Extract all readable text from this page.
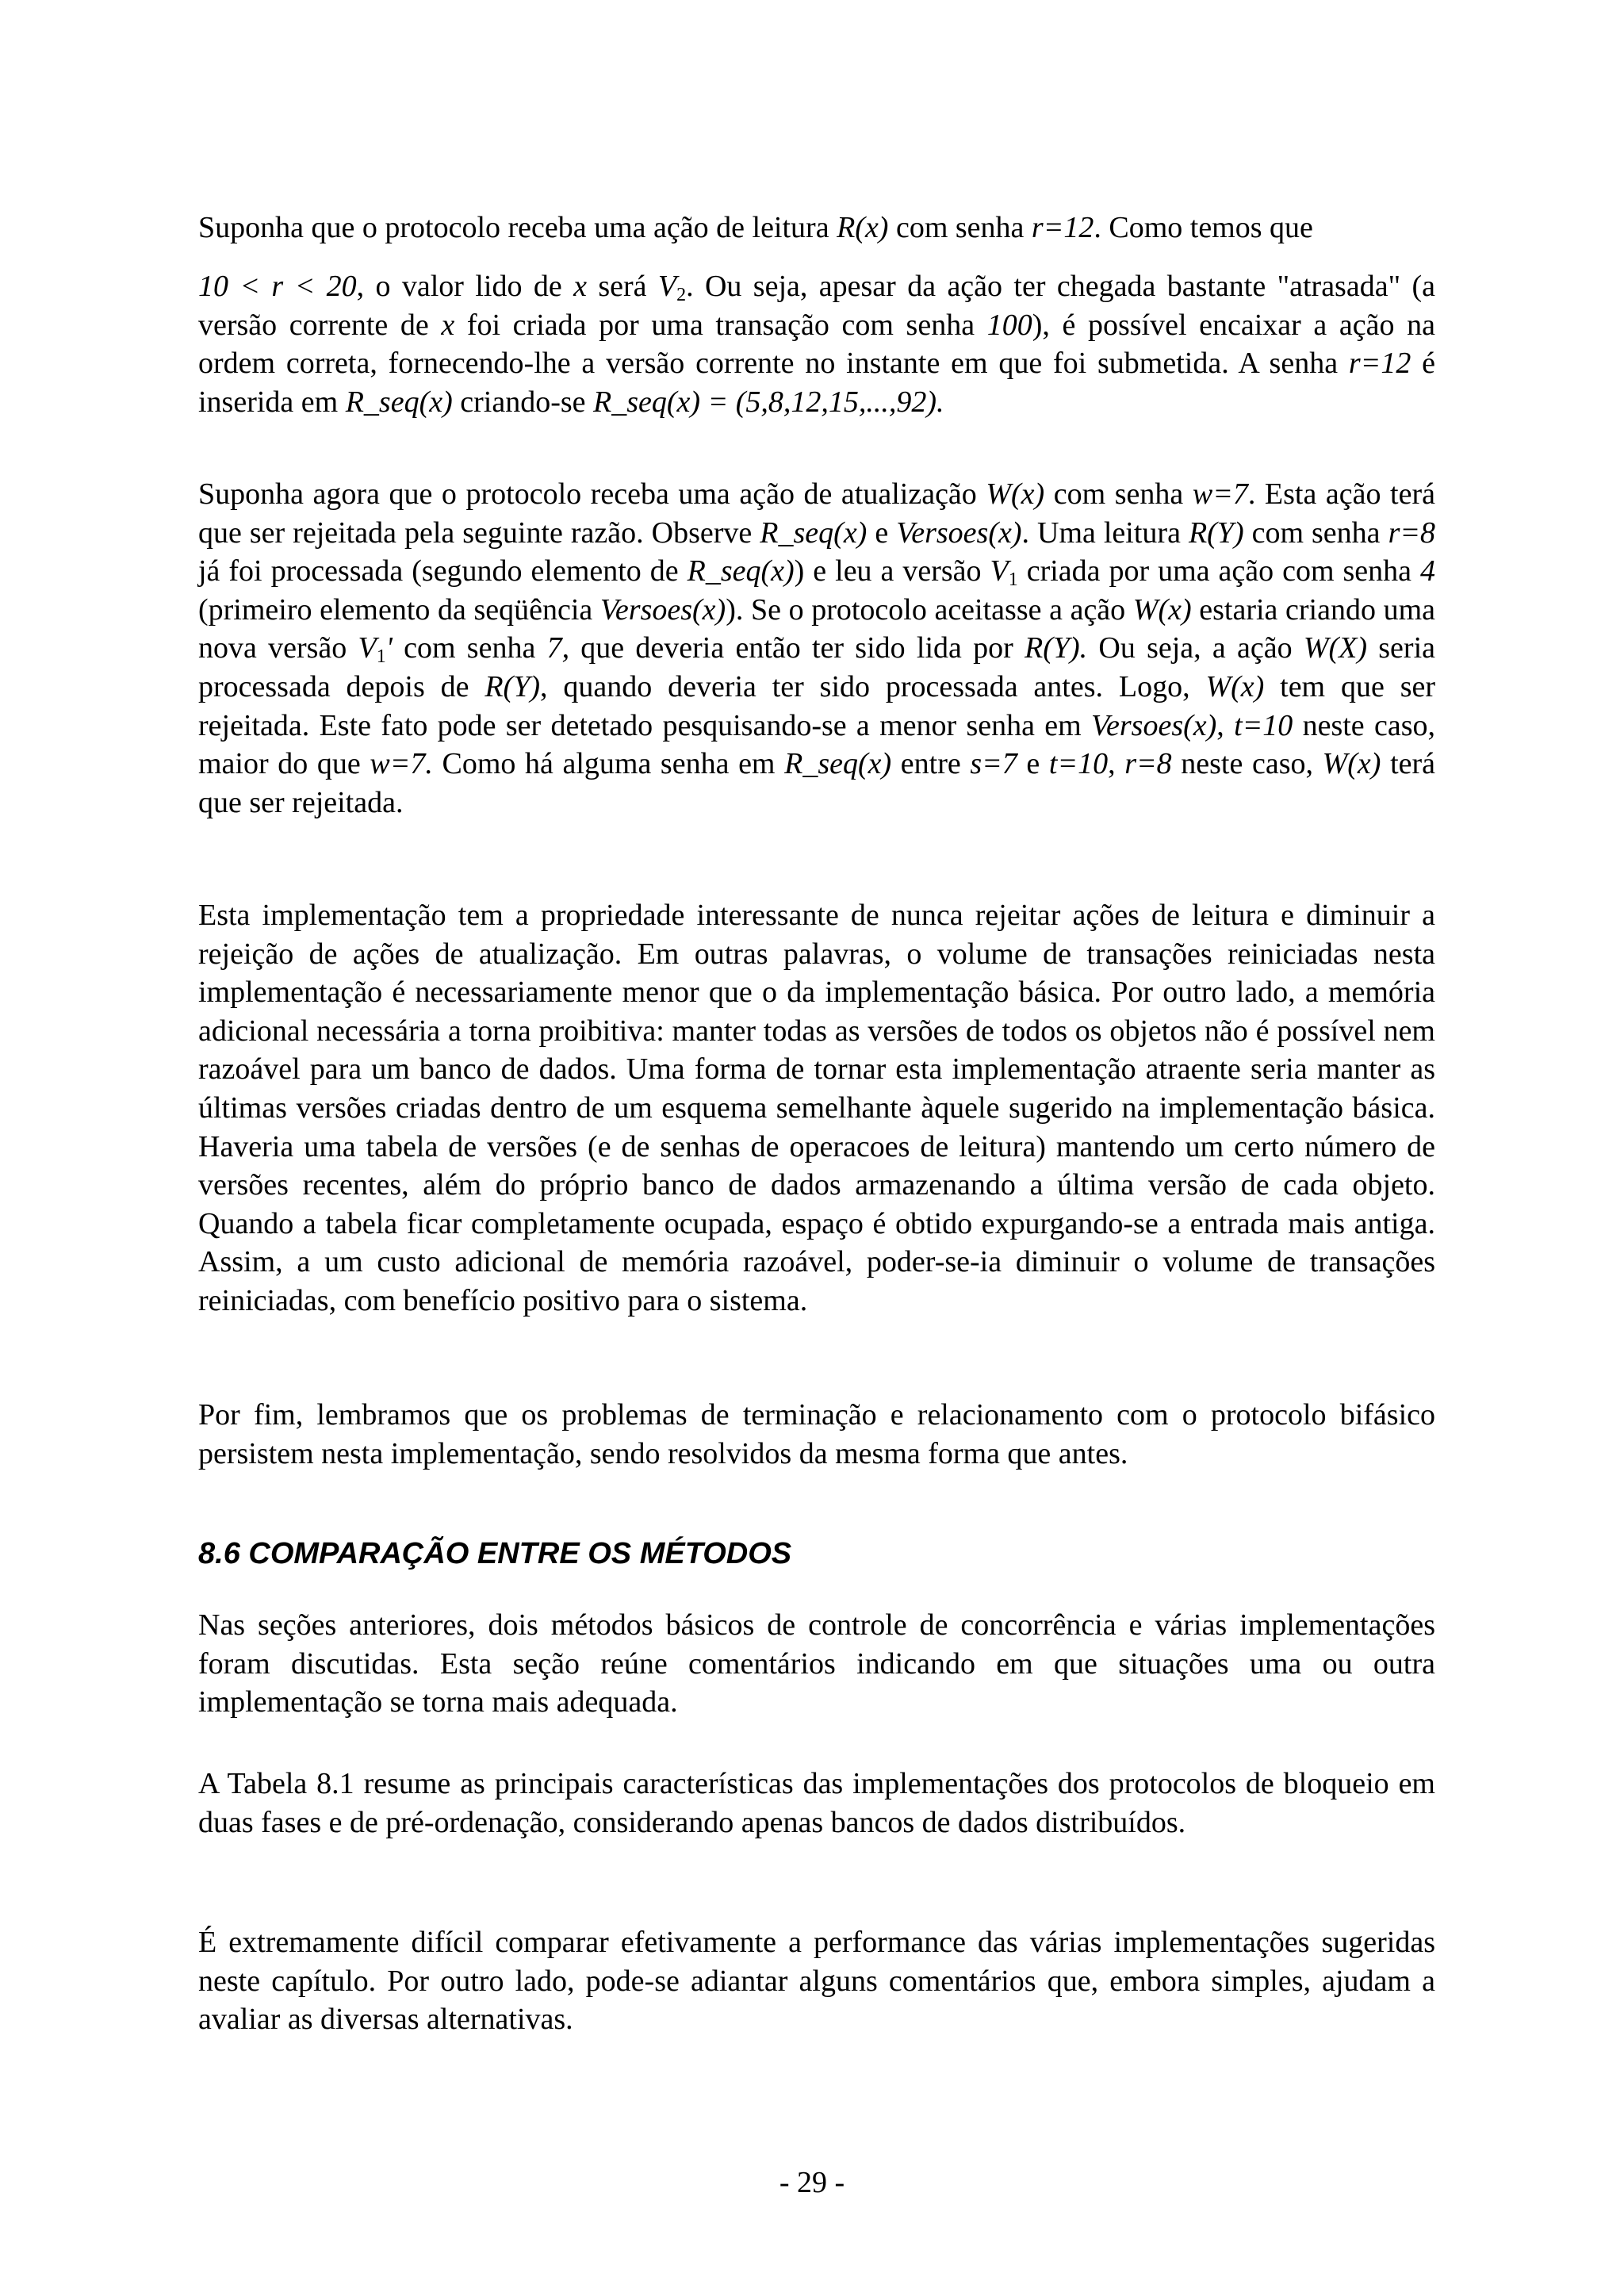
Suponha que o protocolo receba uma ação de leitura R(x) com senha r=12. Como temos que

10 < r < 20, o valor lido de x será $V_2$. Ou seja, apesar da ação ter chegada bastante "atrasada" (a versão corrente de x foi criada por uma transação com senha 100), é possível encaixar a ação na ordem correta, fornecendo-lhe a versão corrente no instante em que foi submetida. A senha r=12 é inserida em R_seq(x) criando-se R_seq(x) = (5,8,12,15,...,92).

Suponha agora que o protocolo receba uma ação de atualização W(x) com senha w=7. Esta ação terá que ser rejeitada pela seguinte razão. Observe R_seq(x) e Versoes(x). Uma leitura R(Y) com senha r=8 já foi processada (segundo elemento de R_seq(x)) e leu a versão $V_1$ criada por uma ação com senha 4 (primeiro elemento da seqüência Versoes(x)). Se o protocolo aceitasse a ação W(x) estaria criando uma nova versão $V_1'$ com senha 7, que deveria então ter sido lida por R(Y). Ou seja, a ação W(X) seria processada depois de R(Y), quando deveria ter sido processada antes. Logo, W(x) tem que ser rejeitada. Este fato pode ser detetado pesquisando-se a menor senha em Versoes(x), t=10 neste caso, maior do que w=7. Como há alguma senha em R_seq(x) entre s=7 e t=10, r=8 neste caso, W(x) terá que ser rejeitada.

Esta implementação tem a propriedade interessante de nunca rejeitar ações de leitura e diminuir a rejeição de ações de atualização. Em outras palavras, o volume de transações reiniciadas nesta implementação é necessariamente menor que o da implementação básica. Por outro lado, a memória adicional necessária a torna proibitiva: manter todas as versões de todos os objetos não é possível nem razoável para um banco de dados. Uma forma de tornar esta implementação atraente seria manter as últimas versões criadas dentro de um esquema semelhante àquele sugerido na implementação básica. Haveria uma tabela de versões (e de senhas de operacoes de leitura) mantendo um certo número de versões recentes, além do próprio banco de dados armazenando a última versão de cada objeto. Quando a tabela ficar completamente ocupada, espaço é obtido expurgando-se a entrada mais antiga. Assim, a um custo adicional de memória razoável, poder-se-ia diminuir o volume de transações reiniciadas, com benefício positivo para o sistema.

Por fim, lembramos que os problemas de terminação e relacionamento com o protocolo bifásico persistem nesta implementação, sendo resolvidos da mesma forma que antes.

8.6 COMPARAÇÃO ENTRE OS MÉTODOS

Nas seções anteriores, dois métodos básicos de controle de concorrência e várias implementações foram discutidas. Esta seção reúne comentários indicando em que situações uma ou outra implementação se torna mais adequada.

A Tabela 8.1 resume as principais características das implementações dos protocolos de bloqueio em duas fases e de pré-ordenação, considerando apenas bancos de dados distribuídos.

É extremamente difícil comparar efetivamente a performance das várias implementações sugeridas neste capítulo. Por outro lado, pode-se adiantar alguns comentários que, embora simples, ajudam a avaliar as diversas alternativas.

- 29 -
